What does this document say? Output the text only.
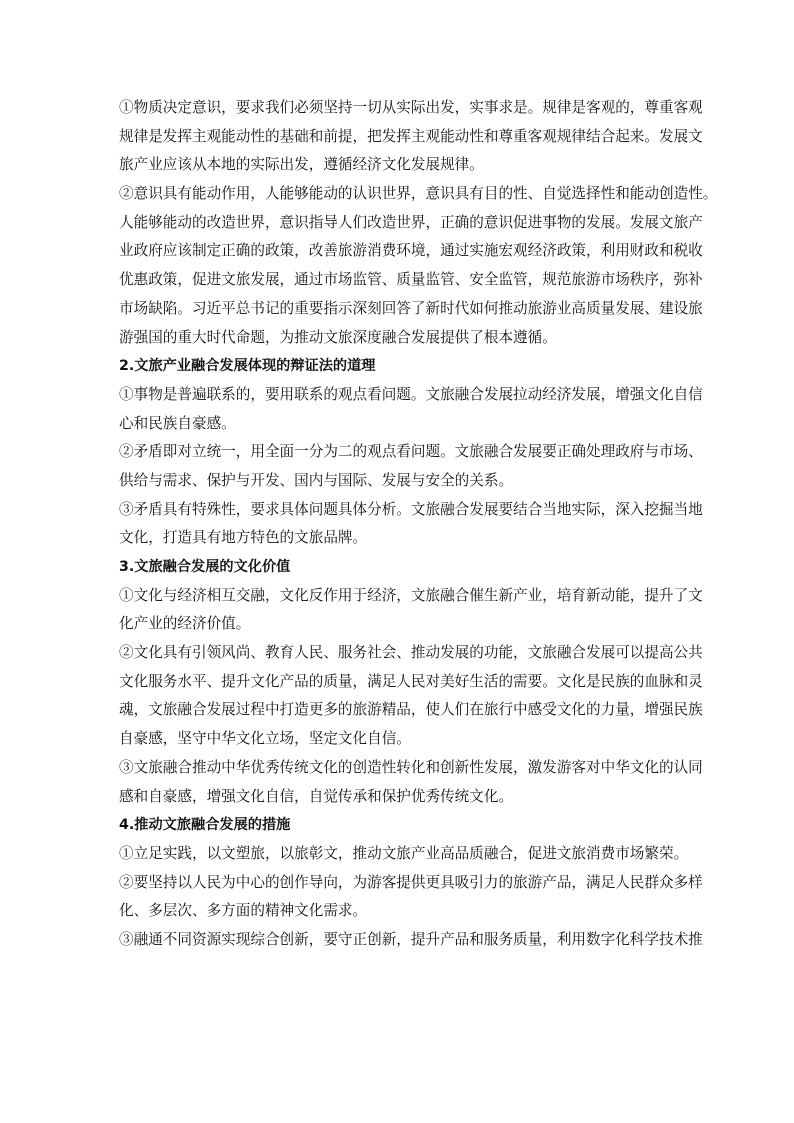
①物质决定意识，要求我们必须坚持一切从实际出发，实事求是。规律是客观的，尊重客观
规律是发挥主观能动性的基础和前提，把发挥主观能动性和尊重客观规律结合起来。发展文
旅产业应该从本地的实际出发，遵循经济文化发展规律。
②意识具有能动作用，人能够能动的认识世界，意识具有目的性、自觉选择性和能动创造性。
人能够能动的改造世界，意识指导人们改造世界，正确的意识促进事物的发展。发展文旅产
业政府应该制定正确的政策，改善旅游消费环境，通过实施宏观经济政策，利用财政和税收
优惠政策，促进文旅发展，通过市场监管、质量监管、安全监管，规范旅游市场秩序，弥补
市场缺陷。习近平总书记的重要指示深刻回答了新时代如何推动旅游业高质量发展、建设旅
游强国的重大时代命题，为推动文旅深度融合发展提供了根本遵循。
2.文旅产业融合发展体现的辩证法的道理
①事物是普遍联系的，要用联系的观点看问题。文旅融合发展拉动经济发展，增强文化自信
心和民族自豪感。
②矛盾即对立统一，用全面一分为二的观点看问题。文旅融合发展要正确处理政府与市场、
供给与需求、保护与开发、国内与国际、发展与安全的关系。
③矛盾具有特殊性，要求具体问题具体分析。文旅融合发展要结合当地实际，深入挖掘当地
文化，打造具有地方特色的文旅品牌。
3.文旅融合发展的文化价值
①文化与经济相互交融，文化反作用于经济，文旅融合催生新产业，培育新动能，提升了文
化产业的经济价值。
②文化具有引领风尚、教育人民、服务社会、推动发展的功能，文旅融合发展可以提高公共
文化服务水平、提升文化产品的质量，满足人民对美好生活的需要。文化是民族的血脉和灵
魂，文旅融合发展过程中打造更多的旅游精品，使人们在旅行中感受文化的力量，增强民族
自豪感，坚守中华文化立场，坚定文化自信。
③文旅融合推动中华优秀传统文化的创造性转化和创新性发展，激发游客对中华文化的认同
感和自豪感，增强文化自信，自觉传承和保护优秀传统文化。
4.推动文旅融合发展的措施
①立足实践，以文塑旅，以旅彰文，推动文旅产业高品质融合，促进文旅消费市场繁荣。
②要坚持以人民为中心的创作导向，为游客提供更具吸引力的旅游产品，满足人民群众多样
化、多层次、多方面的精神文化需求。
③融通不同资源实现综合创新，要守正创新，提升产品和服务质量，利用数字化科学技术推
